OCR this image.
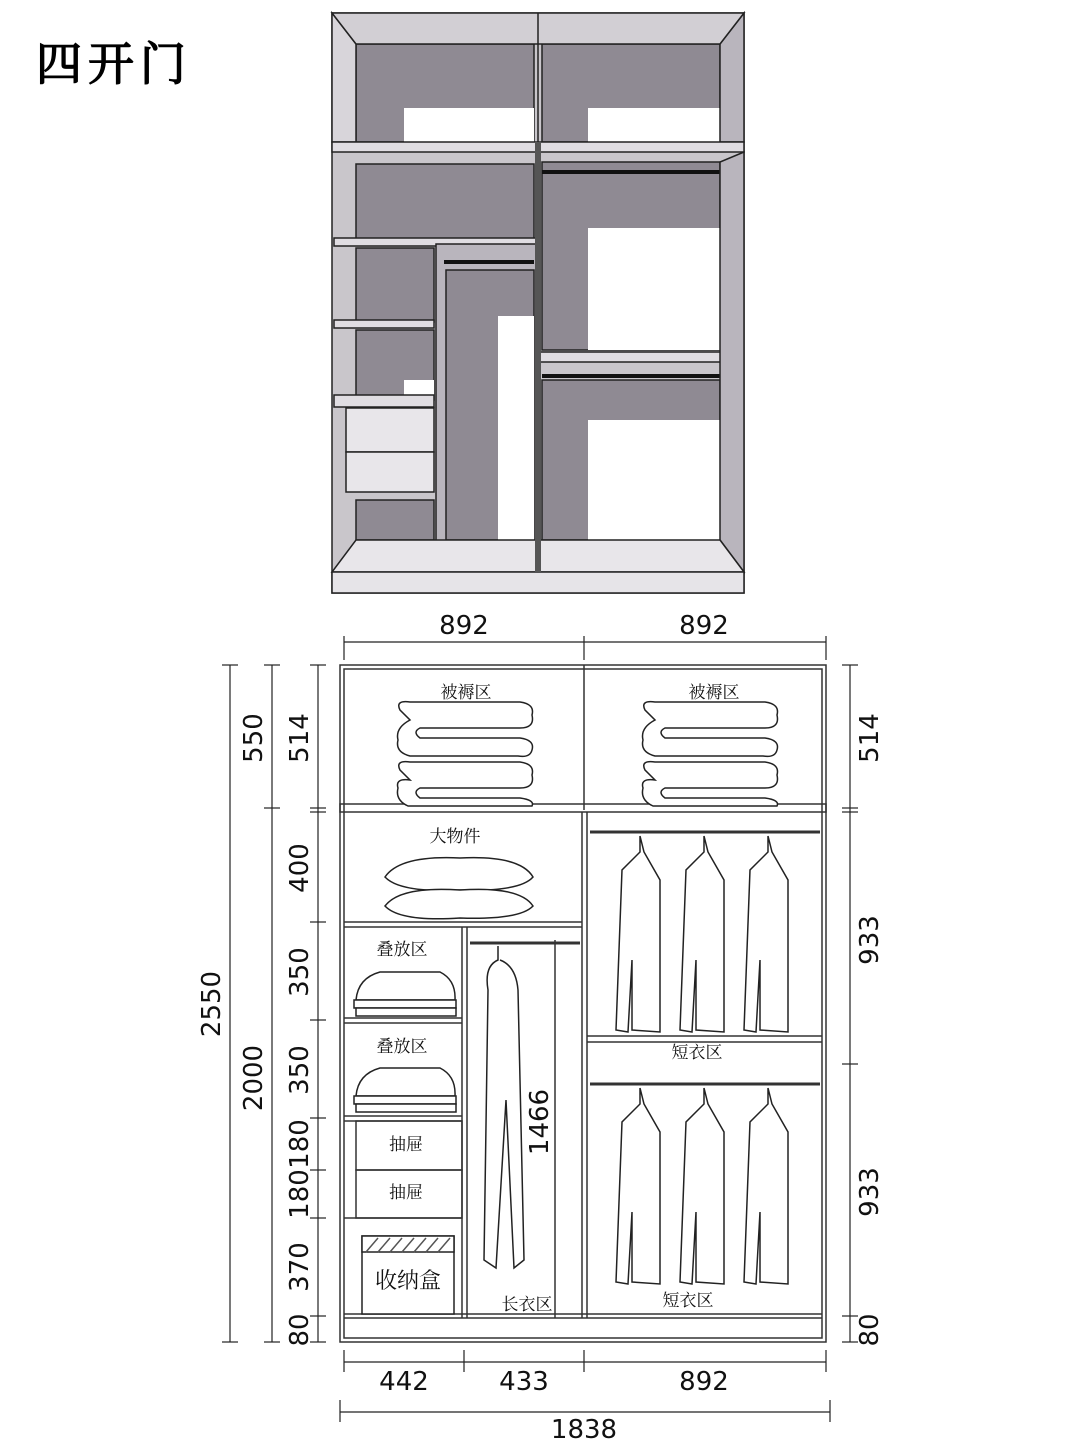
四开门
892	892
442	433	892
1838
2550
550
2000
514
400
350
350
180
180
370
80
1466
514
933
933
80
被褥区	被褥区
大物件
叠放区
叠放区
抽屉
抽屉
收纳盒
长衣区
短衣区
短衣区
